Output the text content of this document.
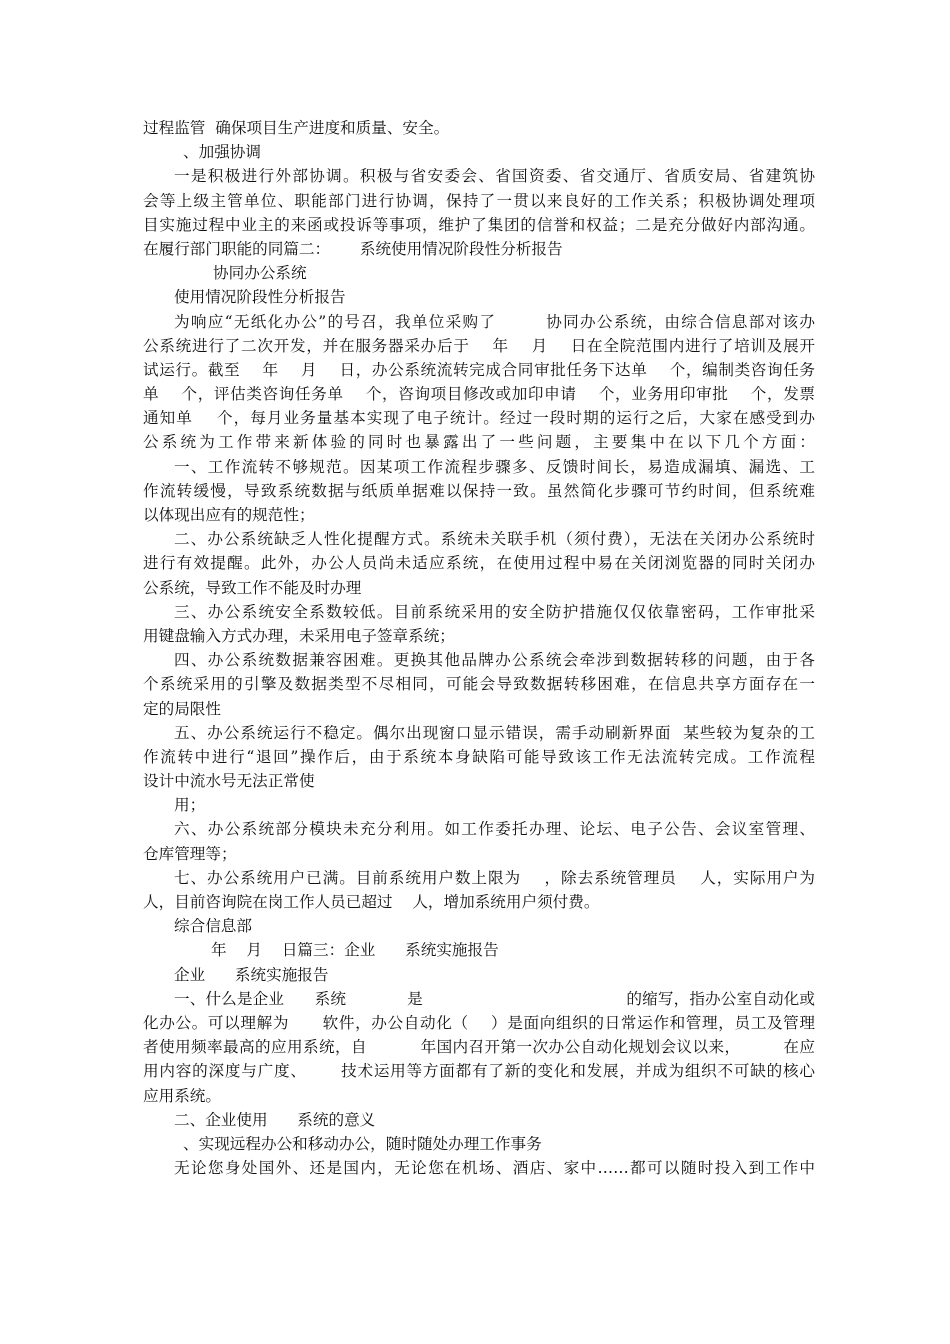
过程监管  确保项目生产进度和质量、安全。
、加强协调
一是积极进行外部协调。积极与省安委会、省国资委、省交通厅、省质安局、省建筑协
会等上级主管单位、职能部门进行协调，保持了一贯以来良好的工作关系；积极协调处理项
目实施过程中业主的来函或投诉等事项，维护了集团的信誉和权益；二是充分做好内部沟通。
在履行部门职能的同篇二：      系统使用情况阶段性分析报告
协同办公系统
使用情况阶段性分析报告
为响应“无纸化办公”的号召，我单位采购了        协同办公系统，由综合信息部对该办
公系统进行了二次开发，并在服务器采办后于    年    月    日在全院范围内进行了培训及展开
试运行。截至    年    月    日，办公系统流转完成合同审批任务下达单    个，编制类咨询任务
单    个，评估类咨询任务单    个，咨询项目修改或加印申请    个，业务用印审批    个，发票
通知单    个，每月业务量基本实现了电子统计。经过一段时期的运行之后，大家在感受到办
公系统为工作带来新体验的同时也暴露出了一些问题，主要集中在以下几个方面：
一、工作流转不够规范。因某项工作流程步骤多、反馈时间长，易造成漏填、漏选、工
作流转缓慢，导致系统数据与纸质单据难以保持一致。虽然简化步骤可节约时间，但系统难
以体现出应有的规范性；
二、办公系统缺乏人性化提醒方式。系统未关联手机（须付费），无法在关闭办公系统时
进行有效提醒。此外，办公人员尚未适应系统，在使用过程中易在关闭浏览器的同时关闭办
公系统，导致工作不能及时办理
三、办公系统安全系数较低。目前系统采用的安全防护措施仅仅依靠密码，工作审批采
用键盘输入方式办理，未采用电子签章系统；
四、办公系统数据兼容困难。更换其他品牌办公系统会牵涉到数据转移的问题，由于各
个系统采用的引擎及数据类型不尽相同，可能会导致数据转移困难，在信息共享方面存在一
定的局限性
五、办公系统运行不稳定。偶尔出现窗口显示错误，需手动刷新界面  某些较为复杂的工
作流转中进行“退回”操作后，由于系统本身缺陷可能导致该工作无法流转完成。工作流程
设计中流水号无法正常使
用；
六、办公系统部分模块未充分利用。如工作委托办理、论坛、电子公告、会议室管理、
仓库管理等；
七、办公系统用户已满。目前系统用户数上限为    ，除去系统管理员    人，实际用户为
人，目前咨询院在岗工作人员已超过    人，增加系统用户须付费。
综合信息部
年    月    日篇三：企业      系统实施报告
企业      系统实施报告
一、什么是企业      系统            是                                        的缩写，指办公室自动化或
化办公。可以理解为      软件，办公自动化（    ）是面向组织的日常运作和管理，员工及管理
者使用频率最高的应用系统，自          年国内召开第一次办公自动化规划会议以来，        在应
用内容的深度与广度、      技术运用等方面都有了新的变化和发展，并成为组织不可缺的核心
应用系统。
二、企业使用      系统的意义
、实现远程办公和移动办公，随时随处办理工作事务
无论您身处国外、还是国内，无论您在机场、酒店、家中……都可以随时投入到工作中
